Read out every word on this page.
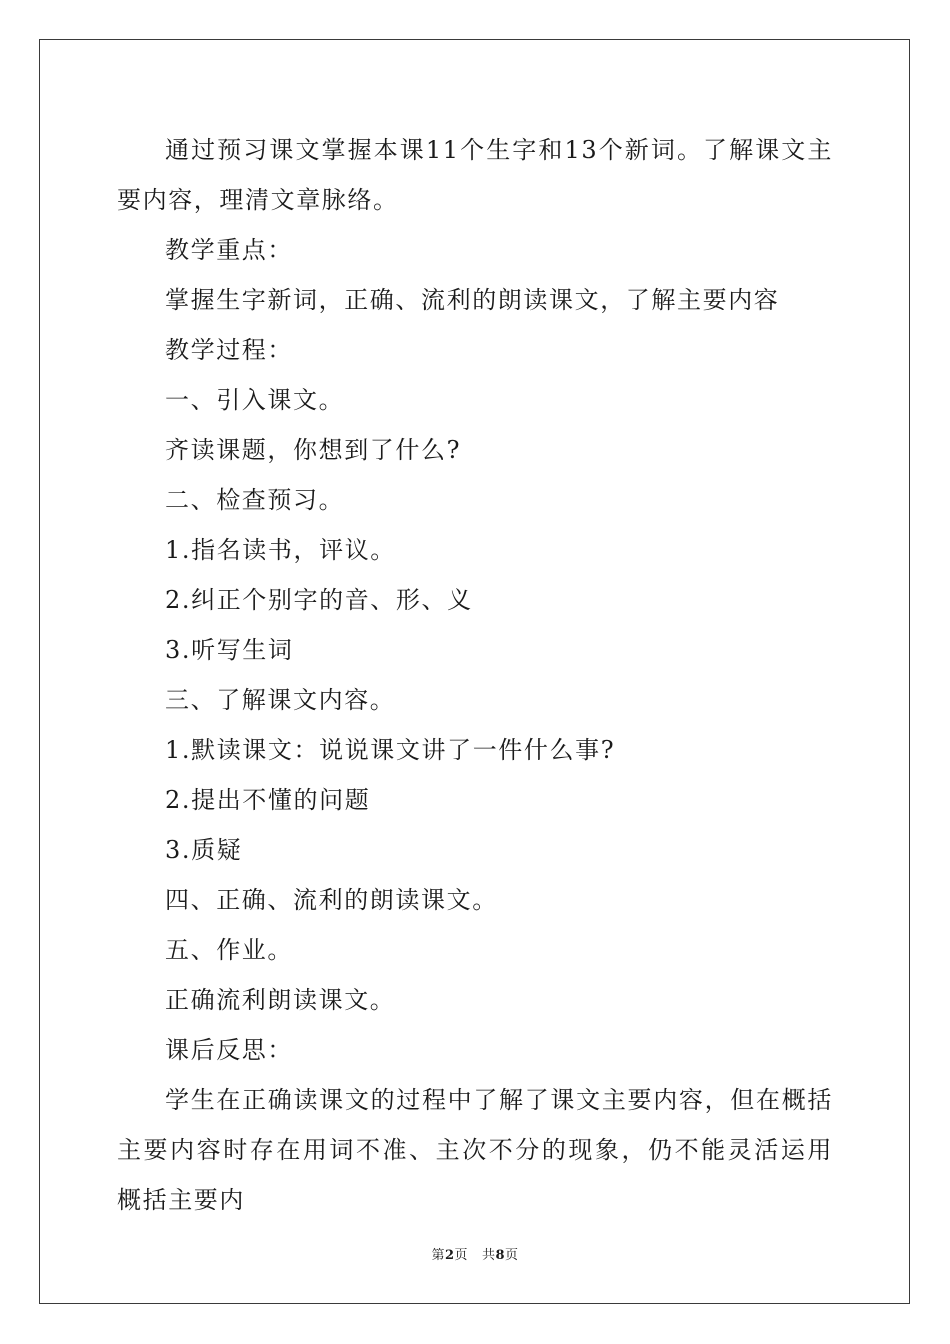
通过预习课文掌握本课11个生字和13个新词。了解课文主要内容，理清文章脉络。

教学重点：

掌握生字新词，正确、流利的朗读课文，了解主要内容

教学过程：

一、引入课文。

齐读课题，你想到了什么?

二、检查预习。

1.指名读书，评议。

2.纠正个别字的音、形、义

3.听写生词

三、了解课文内容。

1.默读课文：说说课文讲了一件什么事?

2.提出不懂的问题

3.质疑

四、正确、流利的朗读课文。

五、作业。

正确流利朗读课文。

课后反思：

学生在正确读课文的过程中了解了课文主要内容，但在概括主要内容时存在用词不准、主次不分的现象，仍不能灵活运用概括主要内

第2页 共8页
